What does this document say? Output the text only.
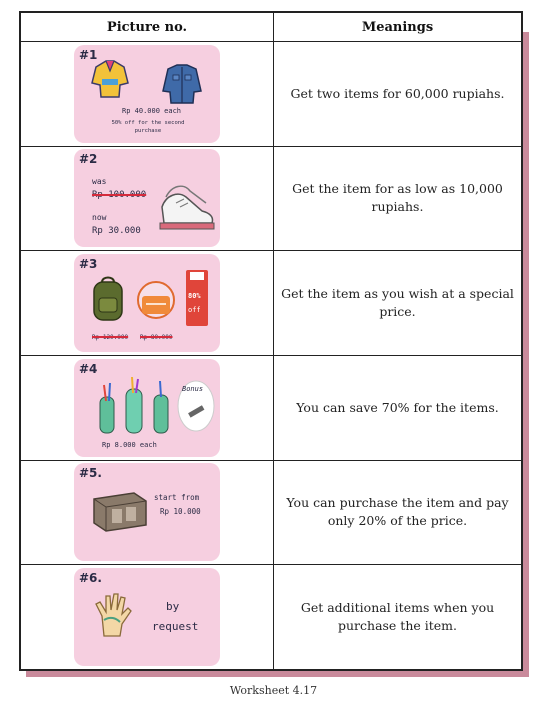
Picture no.	Meanings

#1
Rp 40.000 each
50% off for the second purchase	Get two items for 60,000 rupiahs.

#2
was
Rp 100.000
now
Rp 30.000	Get the item for as low as 10,000 rupiahs.

#3
80%
off
Rp 120.000 Rp 80.000	Get the item as you wish at a special price.

#4
Bonus
Rp 8.000 each	You can save 70% for the items.

#5.
start from
Rp 10.000	You can purchase the item and pay only 20% of the price.

#6.
by
request	Get additional items when you purchase the item.
Worksheet 4.17
